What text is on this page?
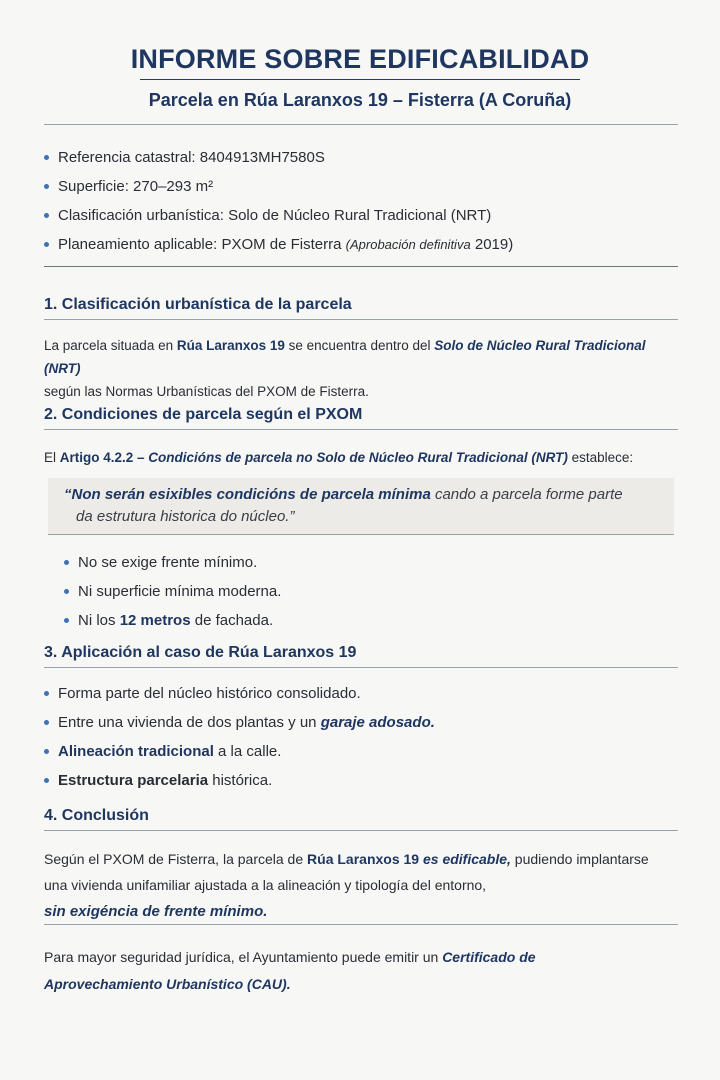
INFORME SOBRE EDIFICABILIDAD
Parcela en Rúa Laranxos 19 – Fisterra (A Coruña)
Referencia catastral: 8404913MH7580S
Superficie: 270–293 m²
Clasificación urbanística: Solo de Núcleo Rural Tradicional (NRT)
Planeamiento aplicable: PXOM de Fisterra (Aprobación definitiva 2019)
1. Clasificación urbanística de la parcela
La parcela situada en Rúa Laranxos 19 se encuentra dentro del Solo de Núcleo Rural Tradicional (NRT)
según las Normas Urbanísticas del PXOM de Fisterra.
2. Condiciones de parcela según el PXOM
El Artigo 4.2.2 – Condicións de parcela no Solo de Núcleo Rural Tradicional (NRT) establece:
“Non serán esixibles condicións de parcela mínima cando a parcela forme parte
da estrutura historica do núcleo.”
No se exige frente mínimo.
Ni superficie mínima moderna.
Ni los 12 metros de fachada.
3. Aplicación al caso de Rúa Laranxos 19
Forma parte del núcleo histórico consolidado.
Entre una vivienda de dos plantas y un garaje adosado.
Alineación tradicional a la calle.
Estructura parcelaria histórica.
4. Conclusión
Según el PXOM de Fisterra, la parcela de Rúa Laranxos 19 es edificable, pudiendo implantarse
una vivienda unifamiliar ajustada a la alineación y tipología del entorno,
sin exigéncia de frente mínimo.
Para mayor seguridad jurídica, el Ayuntamiento puede emitir un Certificado de
Aprovechamiento Urbanístico (CAU).
